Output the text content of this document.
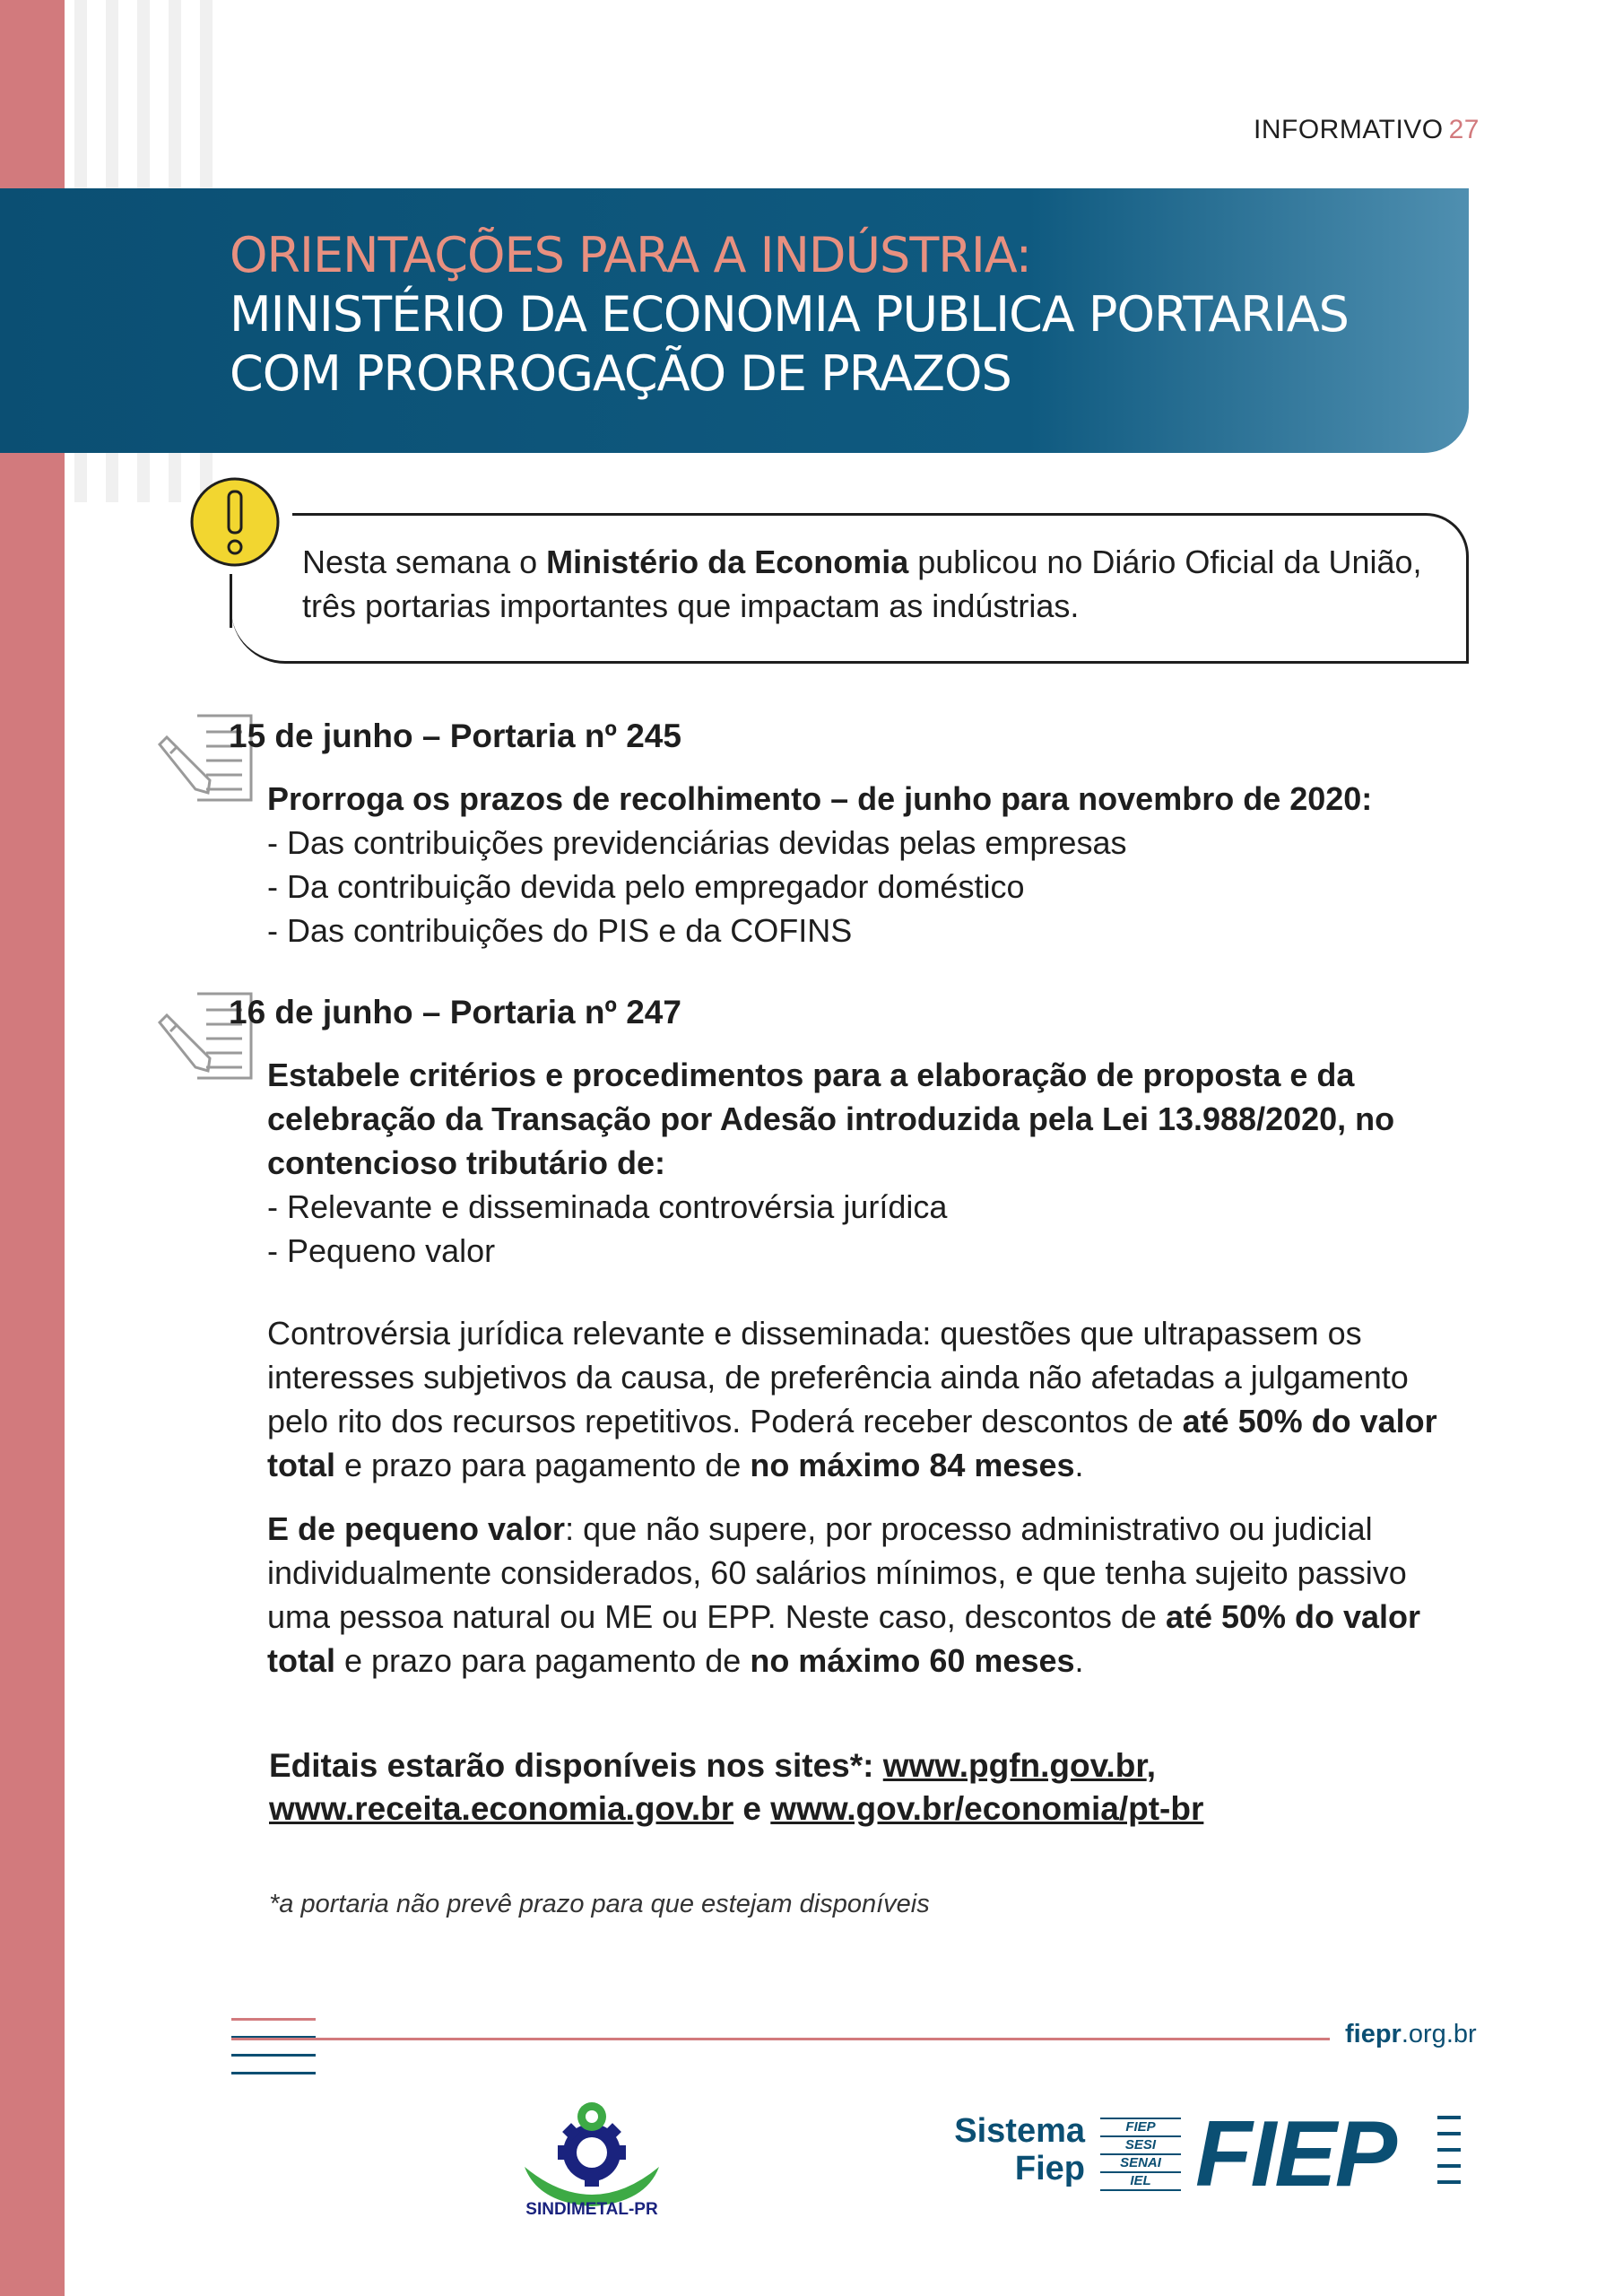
INFORMATIVO 27
ORIENTAÇÕES PARA A INDÚSTRIA:
MINISTÉRIO DA ECONOMIA PUBLICA PORTARIAS
COM PRORROGAÇÃO DE PRAZOS
Nesta semana o Ministério da Economia publicou no Diário Oficial da União, três portarias importantes que impactam as indústrias.
15 de junho – Portaria nº 245
Prorroga os prazos de recolhimento – de junho para novembro de 2020:
- Das contribuições previdenciárias devidas pelas empresas
- Da contribuição devida pelo empregador doméstico
- Das contribuições do PIS e da COFINS
16 de junho – Portaria nº 247
Estabele critérios e procedimentos para a elaboração de proposta e da celebração da Transação por Adesão introduzida pela Lei 13.988/2020, no contencioso tributário de:
- Relevante e disseminada controvérsia jurídica
- Pequeno valor

Controvérsia jurídica relevante e disseminada: questões que ultrapassem os interesses subjetivos da causa, de preferência ainda não afetadas a julgamento pelo rito dos recursos repetitivos. Poderá receber descontos de até 50% do valor total e prazo para pagamento de no máximo 84 meses.

E de pequeno valor: que não supere, por processo administrativo ou judicial individualmente considerados, 60 salários mínimos, e que tenha sujeito passivo uma pessoa natural ou ME ou EPP. Neste caso, descontos de até 50% do valor total e prazo para pagamento de no máximo 60 meses.

Editais estarão disponíveis nos sites*: www.pgfn.gov.br,
www.receita.economia.gov.br e www.gov.br/economia/pt-br
*a portaria não prevê prazo para que estejam disponíveis
fiepr.org.br
SINDIMETAL-PR
Sistema
Fiep
FIEP
SESI
SENAI
IEL FIEP
